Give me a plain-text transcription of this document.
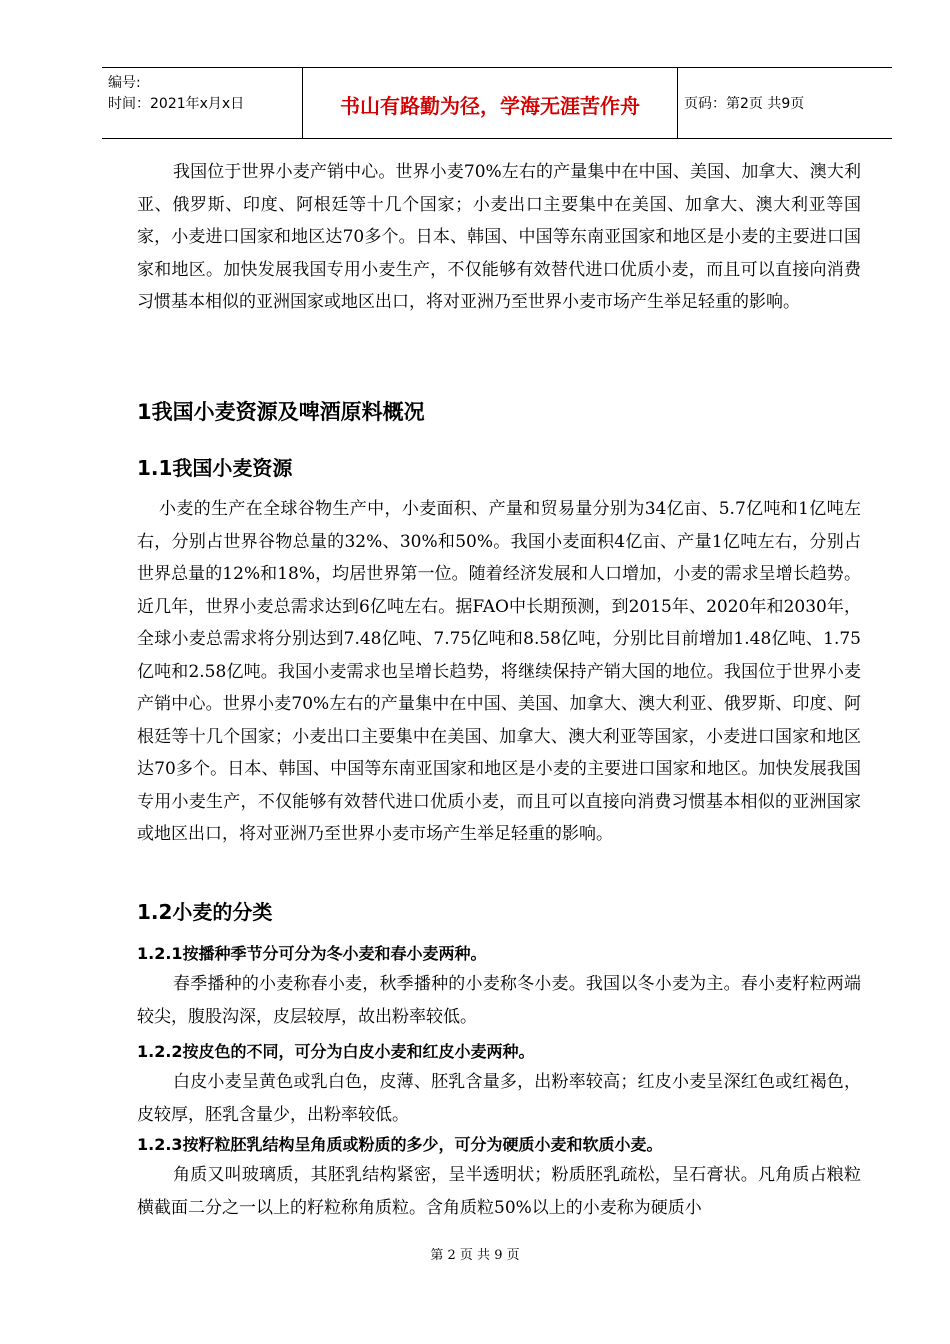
编号:
时间：2021年x月x日	书山有路勤为径，学海无涯苦作舟	页码：第2页 共9页

我国位于世界小麦产销中心。世界小麦70%左右的产量集中在中国、美国、加拿大、澳大利亚、俄罗斯、印度、阿根廷等十几个国家；小麦出口主要集中在美国、加拿大、澳大利亚等国家，小麦进口国家和地区达70多个。日本、韩国、中国等东南亚国家和地区是小麦的主要进口国家和地区。加快发展我国专用小麦生产，不仅能够有效替代进口优质小麦，而且可以直接向消费习惯基本相似的亚洲国家或地区出口，将对亚洲乃至世界小麦市场产生举足轻重的影响。

1我国小麦资源及啤酒原料概况
1.1我国小麦资源

小麦的生产在全球谷物生产中，小麦面积、产量和贸易量分别为34亿亩、5.7亿吨和1亿吨左右，分别占世界谷物总量的32%、30%和50%。我国小麦面积4亿亩、产量1亿吨左右，分别占世界总量的12%和18%，均居世界第一位。随着经济发展和人口增加，小麦的需求呈增长趋势。近几年，世界小麦总需求达到6亿吨左右。据FAO中长期预测，到2015年、2020年和2030年，全球小麦总需求将分别达到7.48亿吨、7.75亿吨和8.58亿吨，分别比目前增加1.48亿吨、1.75亿吨和2.58亿吨。我国小麦需求也呈增长趋势，将继续保持产销大国的地位。我国位于世界小麦产销中心。世界小麦70%左右的产量集中在中国、美国、加拿大、澳大利亚、俄罗斯、印度、阿根廷等十几个国家；小麦出口主要集中在美国、加拿大、澳大利亚等国家，小麦进口国家和地区达70多个。日本、韩国、中国等东南亚国家和地区是小麦的主要进口国家和地区。加快发展我国专用小麦生产，不仅能够有效替代进口优质小麦，而且可以直接向消费习惯基本相似的亚洲国家或地区出口，将对亚洲乃至世界小麦市场产生举足轻重的影响。

1.2小麦的分类
1.2.1按播种季节分可分为冬小麦和春小麦两种。

春季播种的小麦称春小麦，秋季播种的小麦称冬小麦。我国以冬小麦为主。春小麦籽粒两端较尖，腹股沟深，皮层较厚，故出粉率较低。

1.2.2按皮色的不同，可分为白皮小麦和红皮小麦两种。

白皮小麦呈黄色或乳白色，皮薄、胚乳含量多，出粉率较高；红皮小麦呈深红色或红褐色，皮较厚，胚乳含量少，出粉率较低。

1.2.3按籽粒胚乳结构呈角质或粉质的多少，可分为硬质小麦和软质小麦。

角质又叫玻璃质，其胚乳结构紧密，呈半透明状；粉质胚乳疏松，呈石膏状。凡角质占粮粒横截面二分之一以上的籽粒称角质粒。含角质粒50%以上的小麦称为硬质小

第 2 页 共 9 页
